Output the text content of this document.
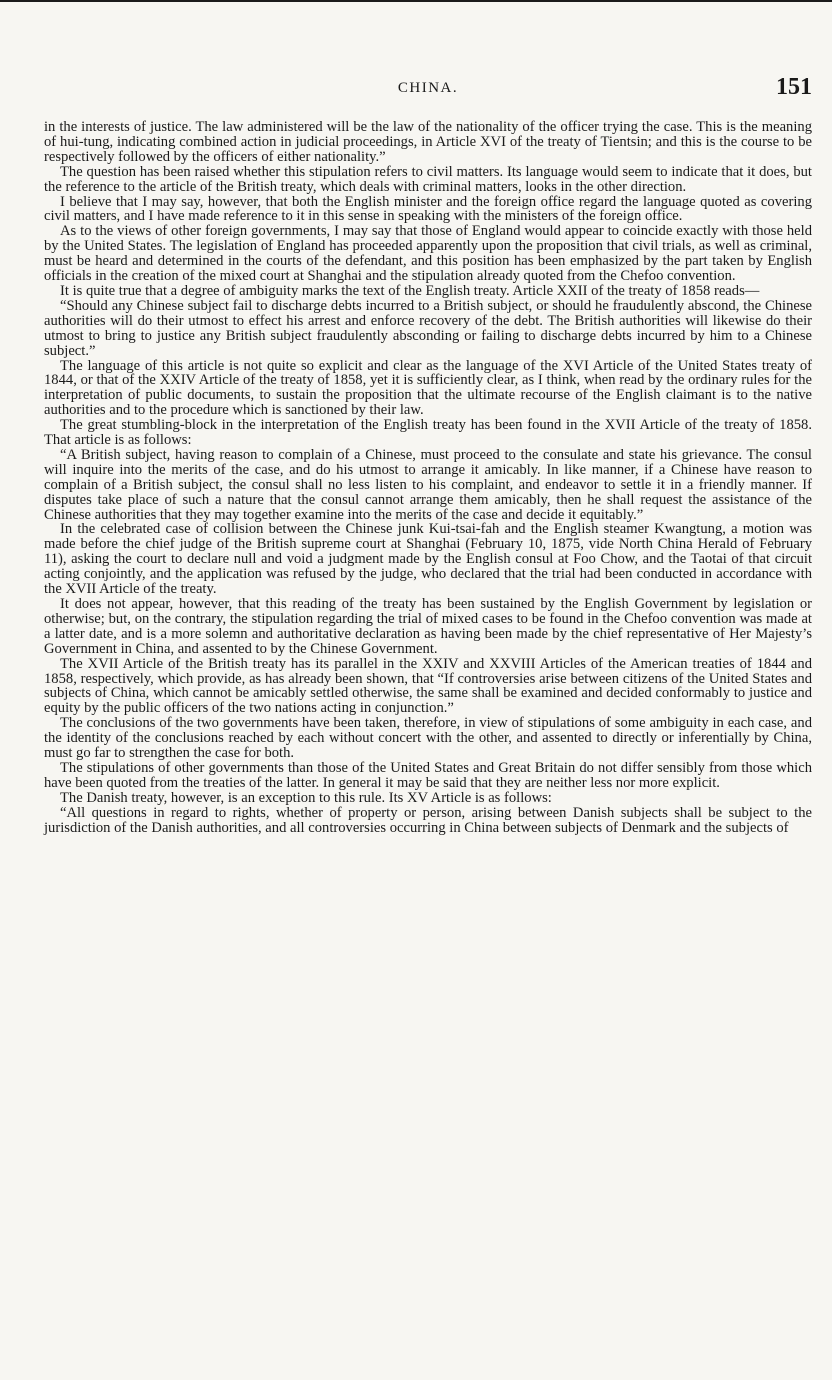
CHINA.	151

in the interests of justice. The law administered will be the law of the nationality of the officer trying the case. This is the meaning of hui-tung, indicating combined action in judicial proceedings, in Article XVI of the treaty of Tientsin; and this is the course to be respectively followed by the officers of either nationality.”

The question has been raised whether this stipulation refers to civil matters. Its language would seem to indicate that it does, but the reference to the article of the British treaty, which deals with criminal matters, looks in the other direction.

I believe that I may say, however, that both the English minister and the foreign office regard the language quoted as covering civil matters, and I have made reference to it in this sense in speaking with the ministers of the foreign office.

As to the views of other foreign governments, I may say that those of England would appear to coincide exactly with those held by the United States. The legislation of England has proceeded apparently upon the proposition that civil trials, as well as criminal, must be heard and determined in the courts of the defendant, and this position has been emphasized by the part taken by English officials in the creation of the mixed court at Shanghai and the stipulation already quoted from the Chefoo convention.

It is quite true that a degree of ambiguity marks the text of the English treaty. Article XXII of the treaty of 1858 reads—

“Should any Chinese subject fail to discharge debts incurred to a British subject, or should he fraudulently abscond, the Chinese authorities will do their utmost to effect his arrest and enforce recovery of the debt. The British authorities will likewise do their utmost to bring to justice any British subject fraudulently absconding or failing to discharge debts incurred by him to a Chinese subject.”

The language of this article is not quite so explicit and clear as the language of the XVI Article of the United States treaty of 1844, or that of the XXIV Article of the treaty of 1858, yet it is sufficiently clear, as I think, when read by the ordinary rules for the interpretation of public documents, to sustain the proposition that the ultimate recourse of the English claimant is to the native authorities and to the procedure which is sanctioned by their law.

The great stumbling-block in the interpretation of the English treaty has been found in the XVII Article of the treaty of 1858. That article is as follows:

“A British subject, having reason to complain of a Chinese, must proceed to the consulate and state his grievance. The consul will inquire into the merits of the case, and do his utmost to arrange it amicably. In like manner, if a Chinese have reason to complain of a British subject, the consul shall no less listen to his complaint, and endeavor to settle it in a friendly manner. If disputes take place of such a nature that the consul cannot arrange them amicably, then he shall request the assistance of the Chinese authorities that they may together examine into the merits of the case and decide it equitably.”

In the celebrated case of collision between the Chinese junk Kui-tsai-fah and the English steamer Kwangtung, a motion was made before the chief judge of the British supreme court at Shanghai (February 10, 1875, vide North China Herald of February 11), asking the court to declare null and void a judgment made by the English consul at Foo Chow, and the Taotai of that circuit acting conjointly, and the application was refused by the judge, who declared that the trial had been conducted in accordance with the XVII Article of the treaty.

It does not appear, however, that this reading of the treaty has been sustained by the English Government by legislation or otherwise; but, on the contrary, the stipulation regarding the trial of mixed cases to be found in the Chefoo convention was made at a latter date, and is a more solemn and authoritative declaration as having been made by the chief representative of Her Majesty’s Government in China, and assented to by the Chinese Government.

The XVII Article of the British treaty has its parallel in the XXIV and XXVIII Articles of the American treaties of 1844 and 1858, respectively, which provide, as has already been shown, that “If controversies arise between citizens of the United States and subjects of China, which cannot be amicably settled otherwise, the same shall be examined and decided conformably to justice and equity by the public officers of the two nations acting in conjunction.”

The conclusions of the two governments have been taken, therefore, in view of stipulations of some ambiguity in each case, and the identity of the conclusions reached by each without concert with the other, and assented to directly or inferentially by China, must go far to strengthen the case for both.

The stipulations of other governments than those of the United States and Great Britain do not differ sensibly from those which have been quoted from the treaties of the latter. In general it may be said that they are neither less nor more explicit.

The Danish treaty, however, is an exception to this rule. Its XV Article is as follows:

“All questions in regard to rights, whether of property or person, arising between Danish subjects shall be subject to the jurisdiction of the Danish authorities, and all controversies occurring in China between subjects of Denmark and the subjects of
